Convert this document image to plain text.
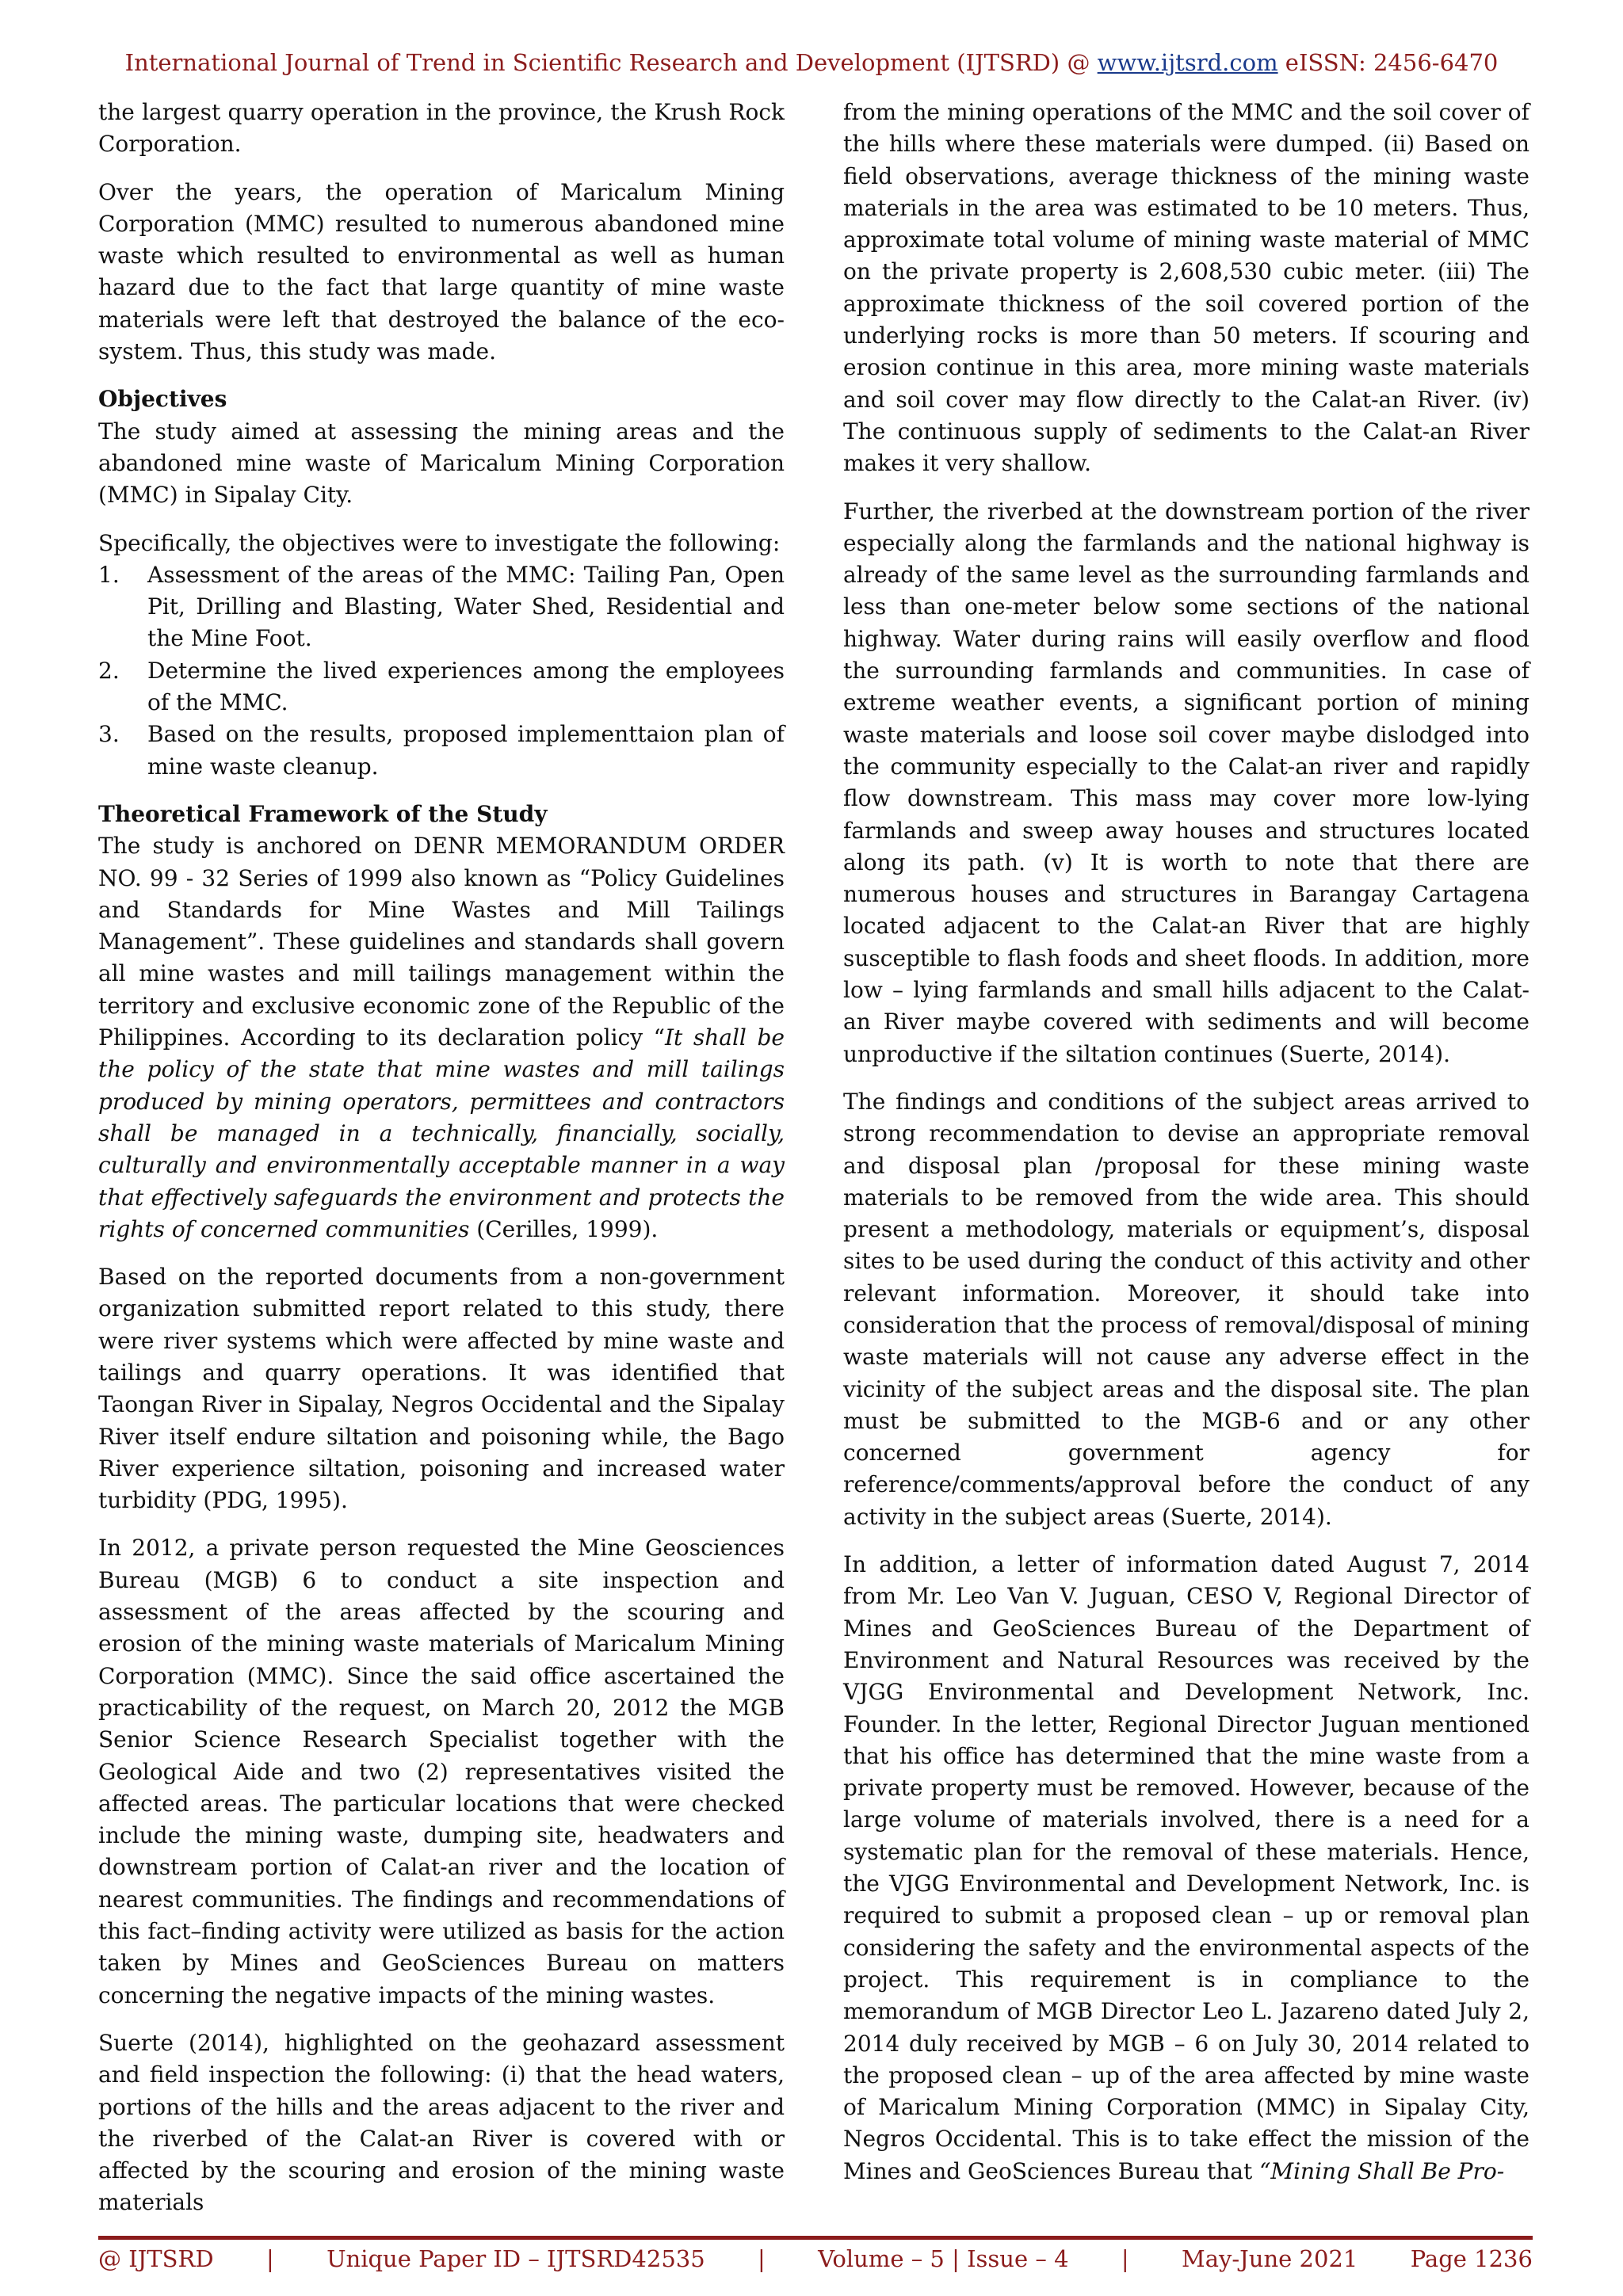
International Journal of Trend in Scientific Research and Development (IJTSRD) @ www.ijtsrd.com eISSN: 2456-6470

the largest quarry operation in the province, the Krush Rock Corporation.

Over the years, the operation of Maricalum Mining Corporation (MMC) resulted to numerous abandoned mine waste which resulted to environmental as well as human hazard due to the fact that large quantity of mine waste materials were left that destroyed the balance of the eco-system. Thus, this study was made.

Objectives

The study aimed at assessing the mining areas and the abandoned mine waste of Maricalum Mining Corporation (MMC) in Sipalay City.

Specifically, the objectives were to investigate the following:

1.	Assessment of the areas of the MMC: Tailing Pan, Open Pit, Drilling and Blasting, Water Shed, Residential and the Mine Foot.
2.	Determine the lived experiences among the employees of the MMC.
3.	Based on the results, proposed implementtaion plan of mine waste cleanup.
Theoretical Framework of the Study

The study is anchored on DENR MEMORANDUM ORDER NO. 99 - 32 Series of 1999 also known as “Policy Guidelines and Standards for Mine Wastes and Mill Tailings Management”. These guidelines and standards shall govern all mine wastes and mill tailings management within the territory and exclusive economic zone of the Republic of the Philippines. According to its declaration policy “It shall be the policy of the state that mine wastes and mill tailings produced by mining operators, permittees and contractors shall be managed in a technically, financially, socially, culturally and environmentally acceptable manner in a way that effectively safeguards the environment and protects the rights of concerned communities (Cerilles, 1999).

Based on the reported documents from a non-government organization submitted report related to this study, there were river systems which were affected by mine waste and tailings and quarry operations. It was identified that Taongan River in Sipalay, Negros Occidental and the Sipalay River itself endure siltation and poisoning while, the Bago River experience siltation, poisoning and increased water turbidity (PDG, 1995).

In 2012, a private person requested the Mine Geosciences Bureau (MGB) 6 to conduct a site inspection and assessment of the areas affected by the scouring and erosion of the mining waste materials of Maricalum Mining Corporation (MMC). Since the said office ascertained the practicability of the request, on March 20, 2012 the MGB Senior Science Research Specialist together with the Geological Aide and two (2) representatives visited the affected areas. The particular locations that were checked include the mining waste, dumping site, headwaters and downstream portion of Calat-an river and the location of nearest communities. The findings and recommendations of this fact–finding activity were utilized as basis for the action taken by Mines and GeoSciences Bureau on matters concerning the negative impacts of the mining wastes.

Suerte (2014), highlighted on the geohazard assessment and field inspection the following: (i) that the head waters, portions of the hills and the areas adjacent to the river and the riverbed of the Calat-an River is covered with or affected by the scouring and erosion of the mining waste materials

from the mining operations of the MMC and the soil cover of the hills where these materials were dumped. (ii) Based on field observations, average thickness of the mining waste materials in the area was estimated to be 10 meters. Thus, approximate total volume of mining waste material of MMC on the private property is 2,608,530 cubic meter. (iii) The approximate thickness of the soil covered portion of the underlying rocks is more than 50 meters. If scouring and erosion continue in this area, more mining waste materials and soil cover may flow directly to the Calat-an River. (iv) The continuous supply of sediments to the Calat-an River makes it very shallow.

Further, the riverbed at the downstream portion of the river especially along the farmlands and the national highway is already of the same level as the surrounding farmlands and less than one-meter below some sections of the national highway. Water during rains will easily overflow and flood the surrounding farmlands and communities. In case of extreme weather events, a significant portion of mining waste materials and loose soil cover maybe dislodged into the community especially to the Calat-an river and rapidly flow downstream. This mass may cover more low-lying farmlands and sweep away houses and structures located along its path. (v) It is worth to note that there are numerous houses and structures in Barangay Cartagena located adjacent to the Calat-an River that are highly susceptible to flash foods and sheet floods. In addition, more low – lying farmlands and small hills adjacent to the Calat-an River maybe covered with sediments and will become unproductive if the siltation continues (Suerte, 2014).

The findings and conditions of the subject areas arrived to strong recommendation to devise an appropriate removal and disposal plan /proposal for these mining waste materials to be removed from the wide area. This should present a methodology, materials or equipment’s, disposal sites to be used during the conduct of this activity and other relevant information. Moreover, it should take into consideration that the process of removal/disposal of mining waste materials will not cause any adverse effect in the vicinity of the subject areas and the disposal site. The plan must be submitted to the MGB-6 and or any other concerned government agency for reference/comments/approval before the conduct of any activity in the subject areas (Suerte, 2014).

In addition, a letter of information dated August 7, 2014 from Mr. Leo Van V. Juguan, CESO V, Regional Director of Mines and GeoSciences Bureau of the Department of Environment and Natural Resources was received by the VJGG Environmental and Development Network, Inc. Founder. In the letter, Regional Director Juguan mentioned that his office has determined that the mine waste from a private property must be removed. However, because of the large volume of materials involved, there is a need for a systematic plan for the removal of these materials. Hence, the VJGG Environmental and Development Network, Inc. is required to submit a proposed clean – up or removal plan considering the safety and the environmental aspects of the project. This requirement is in compliance to the memorandum of MGB Director Leo L. Jazareno dated July 2, 2014 duly received by MGB – 6 on July 30, 2014 related to the proposed clean – up of the area affected by mine waste of Maricalum Mining Corporation (MMC) in Sipalay City, Negros Occidental. This is to take effect the mission of the Mines and GeoSciences Bureau that “Mining Shall Be Pro-

@ IJTSRD | Unique Paper ID – IJTSRD42535 | Volume – 5 | Issue – 4 | May-June 2021 Page 1236
